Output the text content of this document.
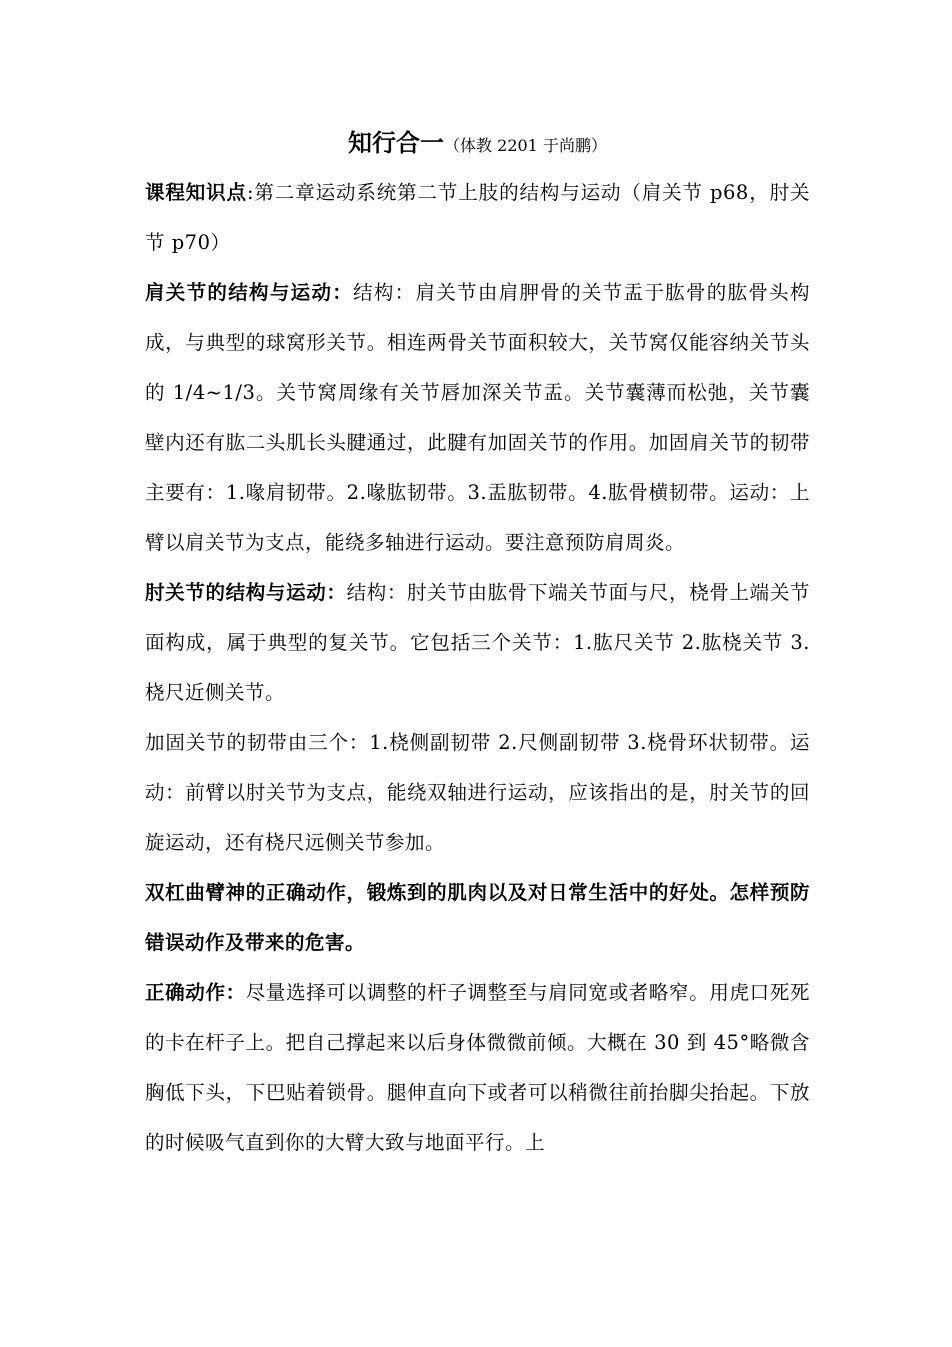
知行合一（体教 2201 于尚鹏）

课程知识点:第二章运动系统第二节上肢的结构与运动（肩关节 p68，肘关节 p70）

肩关节的结构与运动：结构：肩关节由肩胛骨的关节盂于肱骨的肱骨头构成，与典型的球窝形关节。相连两骨关节面积较大，关节窝仅能容纳关节头的 1/4~1/3。关节窝周缘有关节唇加深关节盂。关节囊薄而松弛，关节囊壁内还有肱二头肌长头腱通过，此腱有加固关节的作用。加固肩关节的韧带主要有：1.喙肩韧带。2.喙肱韧带。3.盂肱韧带。4.肱骨横韧带。运动：上臂以肩关节为支点，能绕多轴进行运动。要注意预防肩周炎。

肘关节的结构与运动：结构：肘关节由肱骨下端关节面与尺，桡骨上端关节面构成，属于典型的复关节。它包括三个关节：1.肱尺关节 2.肱桡关节 3.桡尺近侧关节。

加固关节的韧带由三个：1.桡侧副韧带 2.尺侧副韧带 3.桡骨环状韧带。运动：前臂以肘关节为支点，能绕双轴进行运动，应该指出的是，肘关节的回旋运动，还有桡尺远侧关节参加。

双杠曲臂神的正确动作，锻炼到的肌肉以及对日常生活中的好处。怎样预防错误动作及带来的危害。

正确动作：尽量选择可以调整的杆子调整至与肩同宽或者略窄。用虎口死死的卡在杆子上。把自己撑起来以后身体微微前倾。大概在 30 到 45°略微含胸低下头，下巴贴着锁骨。腿伸直向下或者可以稍微往前抬脚尖抬起。下放的时候吸气直到你的大臂大致与地面平行。上
